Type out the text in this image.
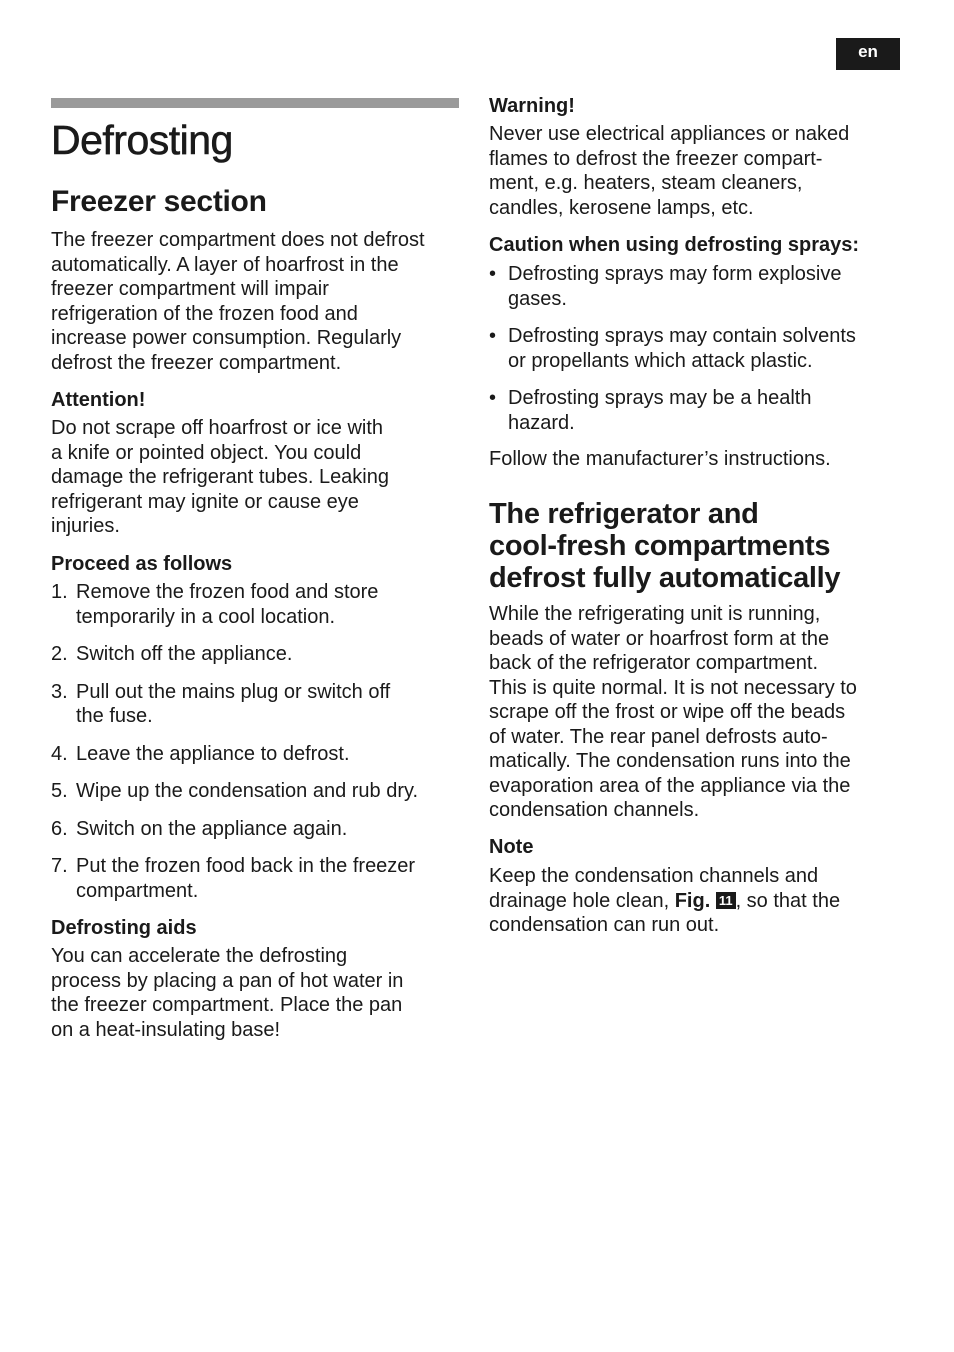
en
Defrosting
Freezer section

The freezer compartment does not defrost

automatically. A layer of hoarfrost in the

freezer compartment will impair

refrigeration of the frozen food and

increase power consumption. Regularly

defrost the freezer compartment.

Attention!

Do not scrape off hoarfrost or ice with

a knife or pointed object. You could

damage the refrigerant tubes. Leaking

refrigerant may ignite or cause eye

injuries.

Proceed as follows

1. Remove the frozen food and store
temporarily in a cool location.
2. Switch off the appliance.
3. Pull out the mains plug or switch off
the fuse.
4. Leave the appliance to defrost.
5. Wipe up the condensation and rub dry.
6. Switch on the appliance again.
7. Put the frozen food back in the freezer
compartment.

Defrosting aids

You can accelerate the defrosting

process by placing a pan of hot water in

the freezer compartment. Place the pan

on a heat-insulating base!

Warning!

Never use electrical appliances or naked

flames to defrost the freezer compart-

ment, e.g. heaters, steam cleaners,

candles, kerosene lamps, etc.

Caution when using defrosting sprays:

• Defrosting sprays may form explosive
gases.
• Defrosting sprays may contain solvents
or propellants which attack plastic.
• Defrosting sprays may be a health
hazard.

Follow the manufacturer’s instructions.

The refrigerator and

cool-fresh compartments

defrost fully automatically

While the refrigerating unit is running,

beads of water or hoarfrost form at the

back of the refrigerator compartment.

This is quite normal. It is not necessary to

scrape off the frost or wipe off the beads

of water. The rear panel defrosts auto-

matically. The condensation runs into the

evaporation area of the appliance via the

condensation channels.

Note

Keep the condensation channels and

drainage hole clean, Fig. 11 , so that the

condensation can run out.
